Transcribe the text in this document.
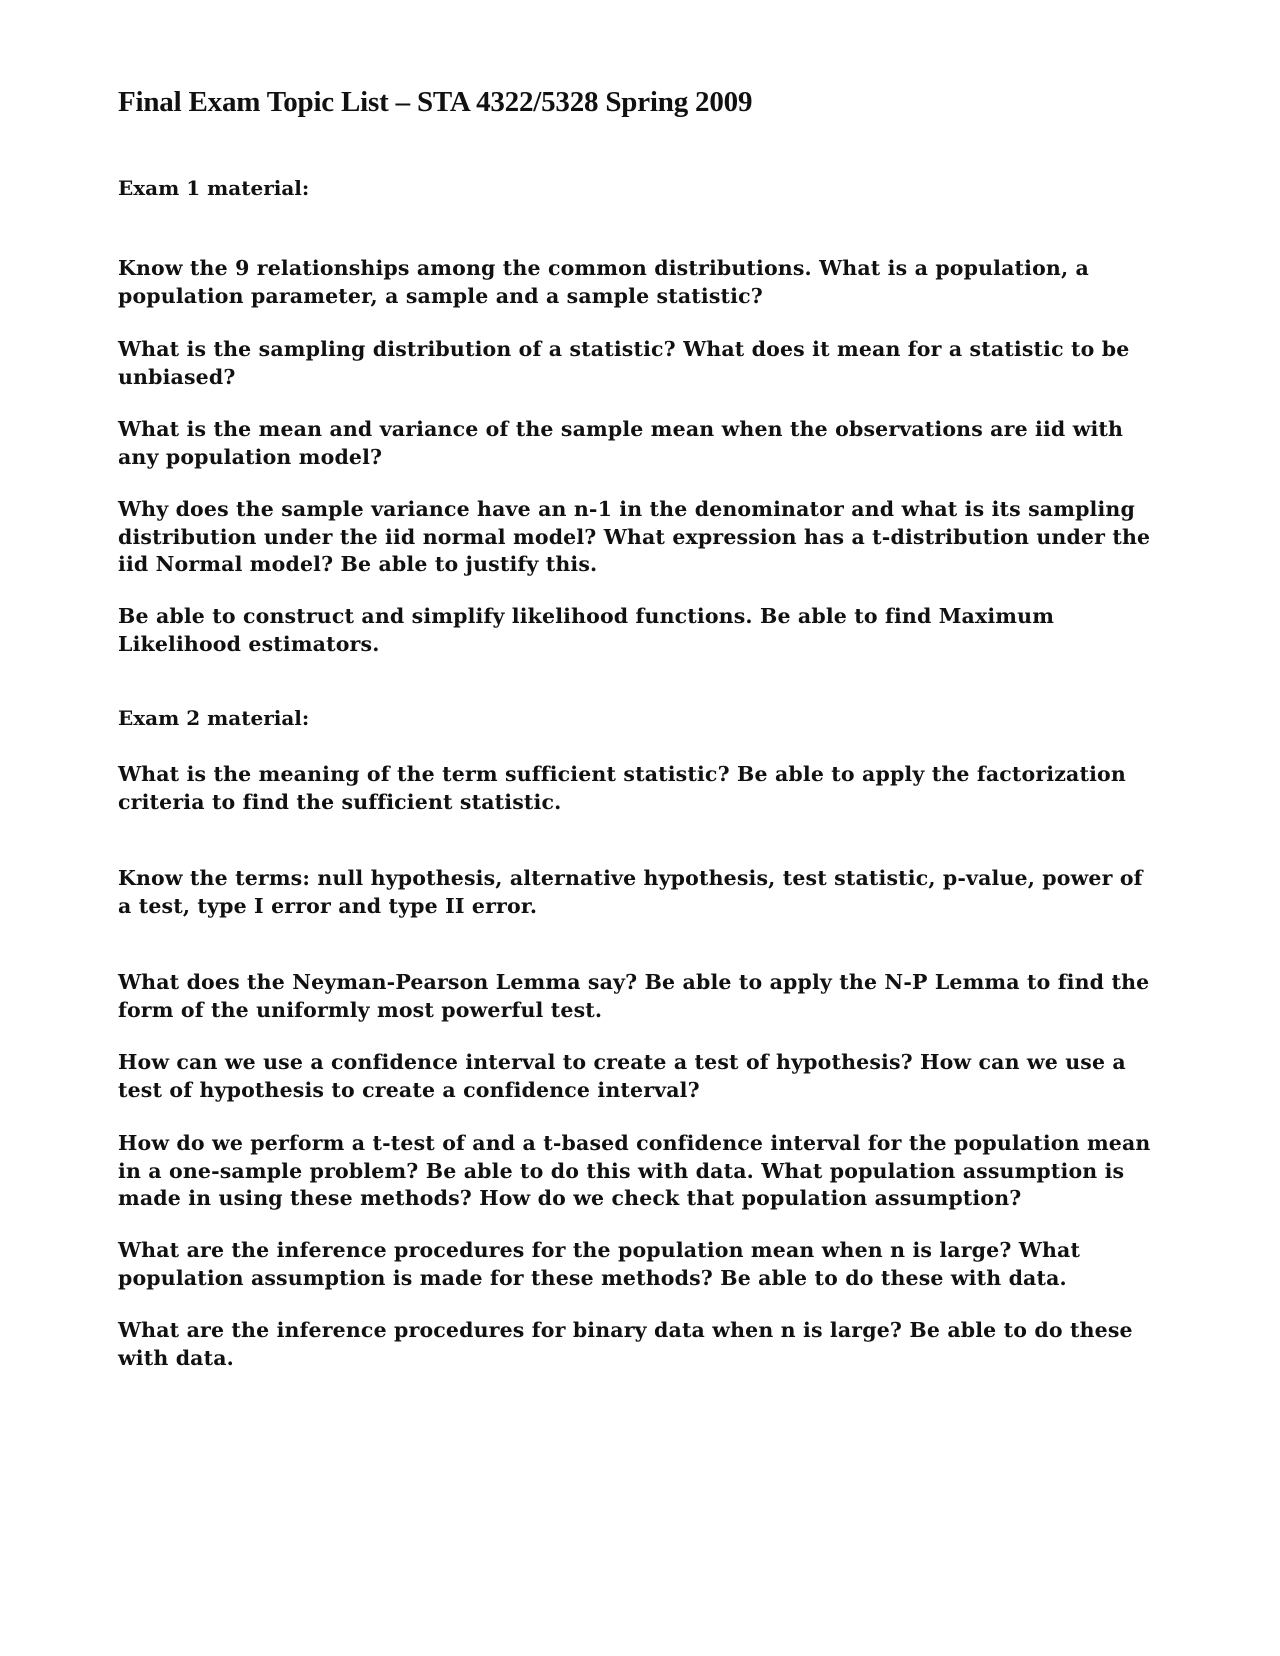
Final Exam Topic List – STA 4322/5328 Spring 2009
Exam 1 material:

Know the 9 relationships among the common distributions. What is a population, a
population parameter, a sample and a sample statistic?

What is the sampling distribution of a statistic? What does it mean for a statistic to be
unbiased?

What is the mean and variance of the sample mean when the observations are iid with
any population model?

Why does the sample variance have an n-1 in the denominator and what is its sampling
distribution under the iid normal model? What expression has a t-distribution under the
iid Normal model? Be able to justify this.

Be able to construct and simplify likelihood functions. Be able to find Maximum
Likelihood estimators.

Exam 2 material:

What is the meaning of the term sufficient statistic? Be able to apply the factorization
criteria to find the sufficient statistic.

Know the terms: null hypothesis, alternative hypothesis, test statistic, p-value, power of
a test, type I error and type II error.

What does the Neyman-Pearson Lemma say? Be able to apply the N-P Lemma to find the
form of the uniformly most powerful test.

How can we use a confidence interval to create a test of hypothesis? How can we use a
test of hypothesis to create a confidence interval?

How do we perform a t-test of and a t-based confidence interval for the population mean
in a one-sample problem? Be able to do this with data. What population assumption is
made in using these methods? How do we check that population assumption?

What are the inference procedures for the population mean when n is large? What
population assumption is made for these methods? Be able to do these with data.

What are the inference procedures for binary data when n is large? Be able to do these
with data.
